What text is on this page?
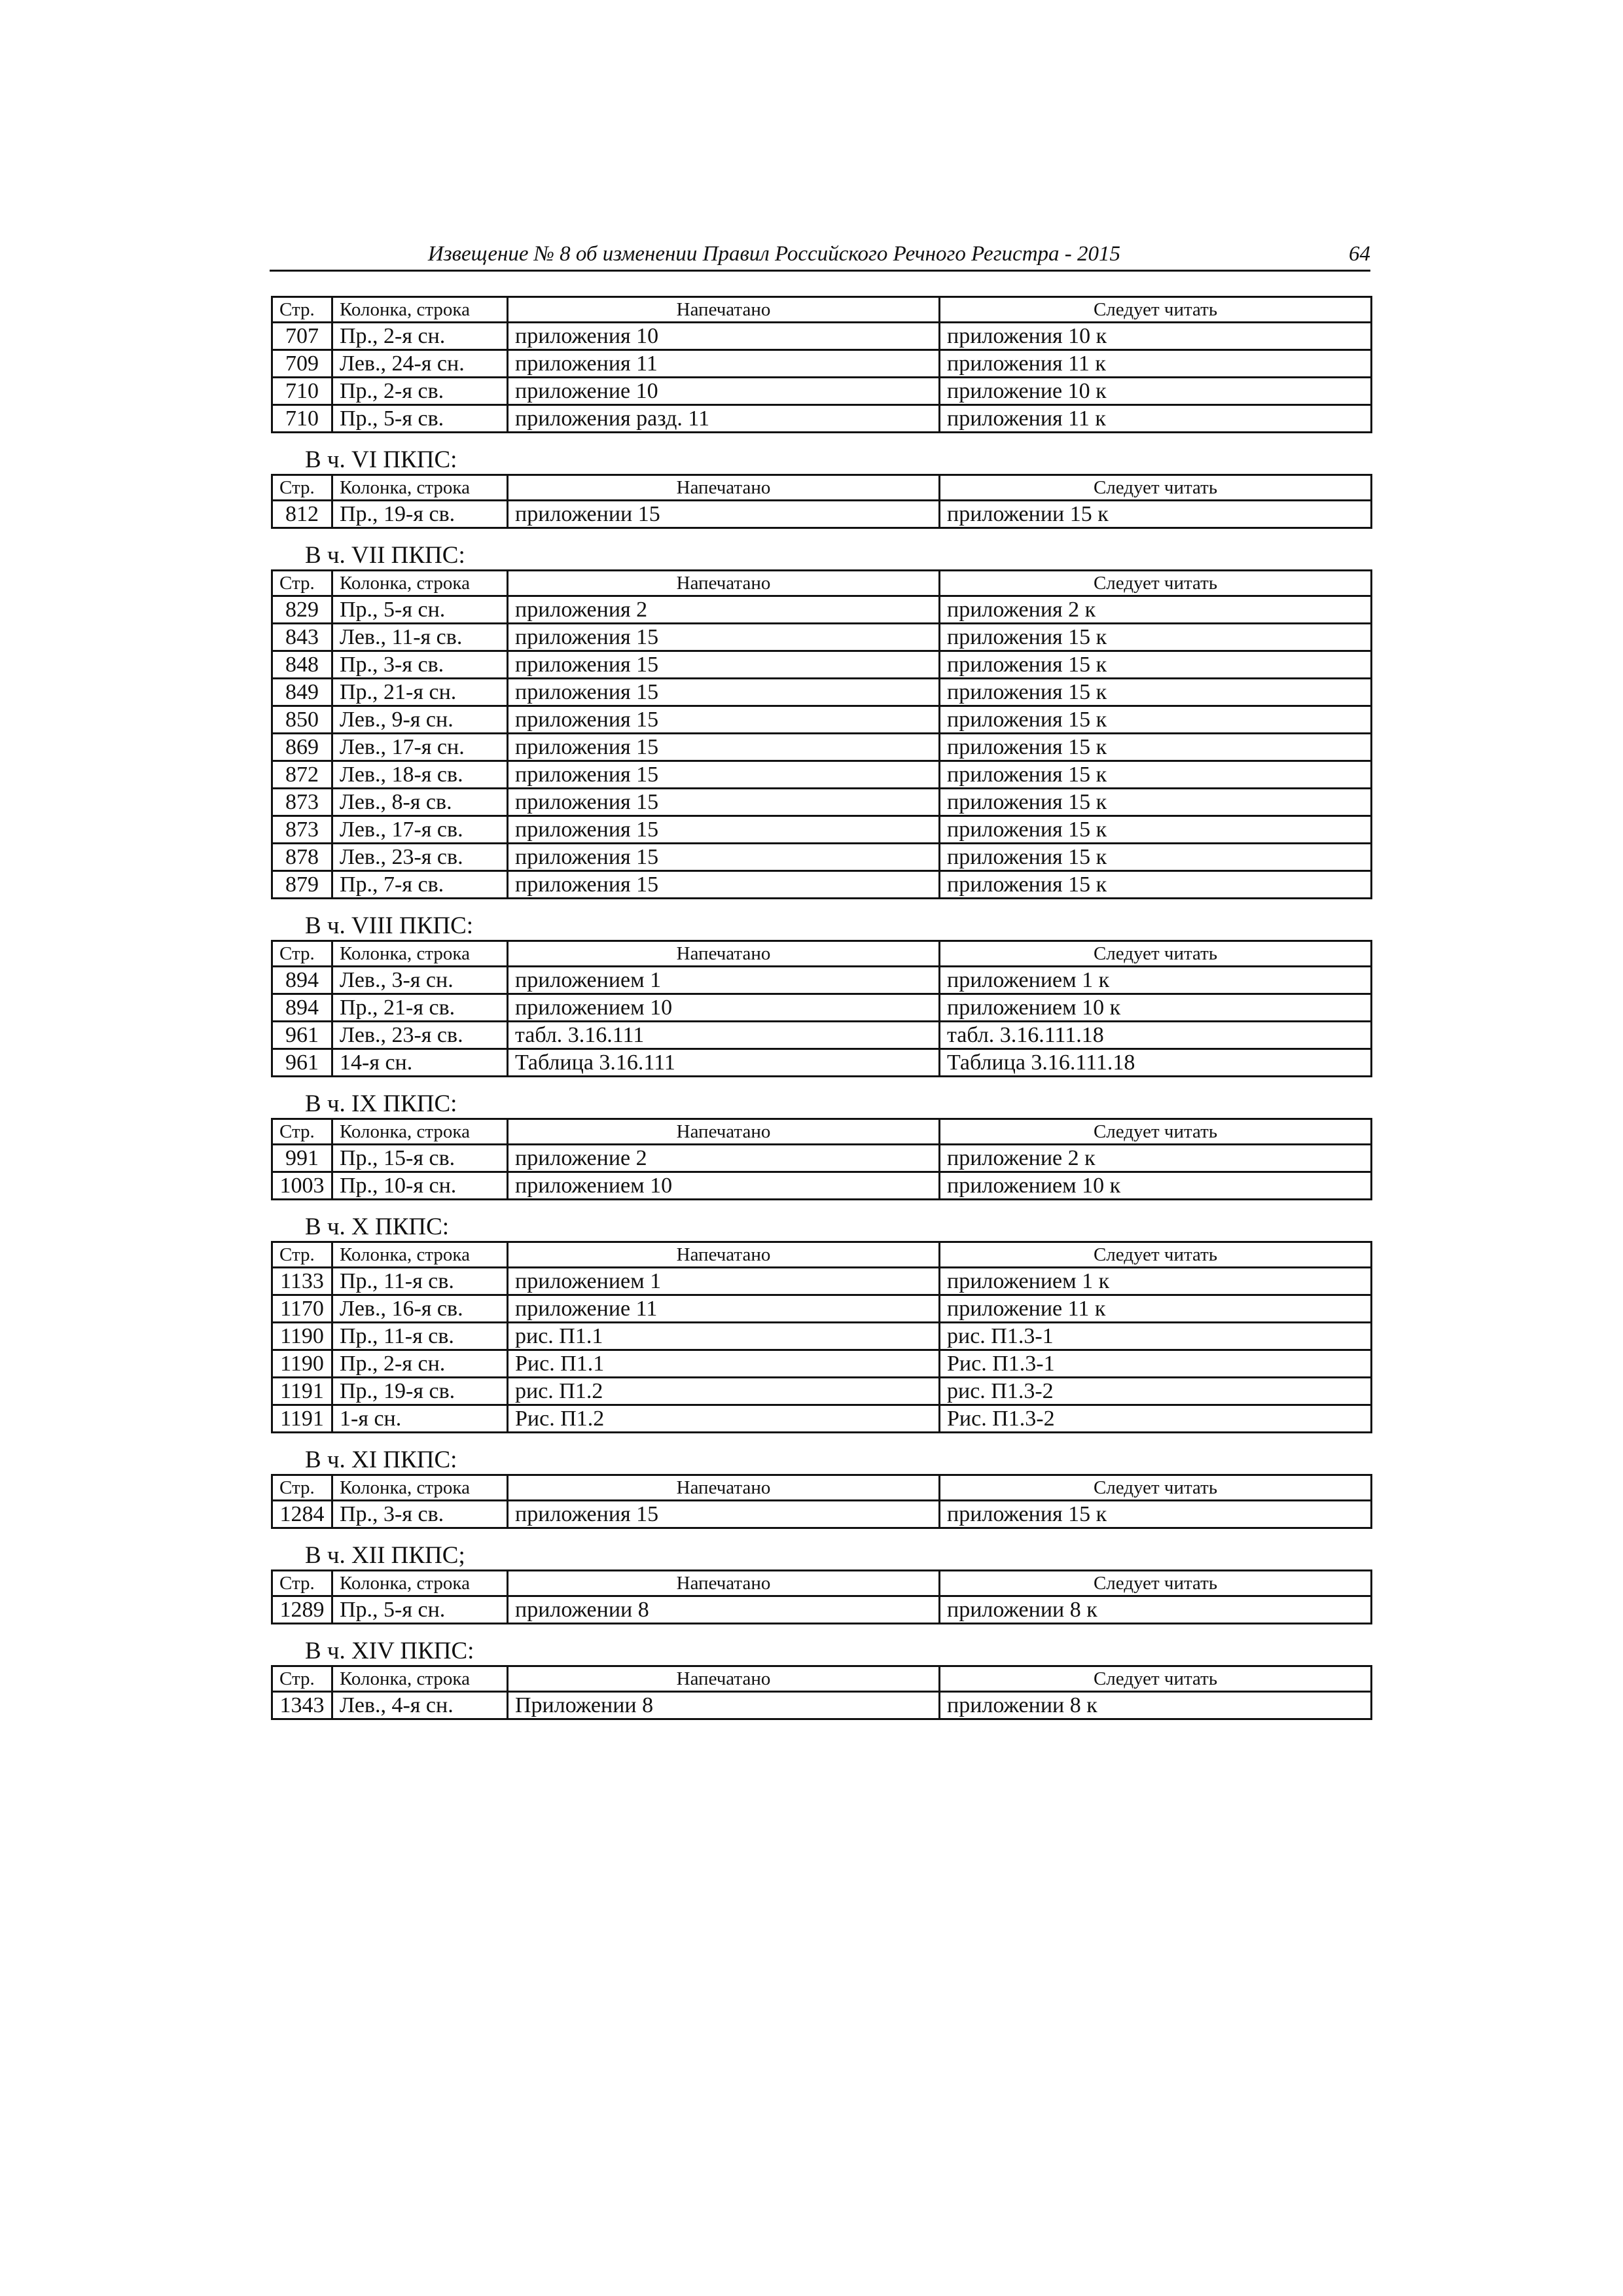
Извещение № 8 об изменении Правил Российского Речного Регистра - 2015	64
Стр.	Колонка, строка	Напечатано	Следует читать
707	Пр., 2-я сн.	приложения 10	приложения 10 к
709	Лев., 24-я сн.	приложения 11	приложения 11 к
710	Пр., 2-я св.	приложение 10	приложение 10 к
710	Пр., 5-я св.	приложения разд. 11	приложения 11 к
В ч. VI ПКПС:
Стр.	Колонка, строка	Напечатано	Следует читать
812	Пр., 19-я св.	приложении 15	приложении 15 к
В ч. VII ПКПС:
Стр.	Колонка, строка	Напечатано	Следует читать
829	Пр., 5-я сн.	приложения 2	приложения 2 к
843	Лев., 11-я св.	приложения 15	приложения 15 к
848	Пр., 3-я св.	приложения 15	приложения 15 к
849	Пр., 21-я сн.	приложения 15	приложения 15 к
850	Лев., 9-я сн.	приложения 15	приложения 15 к
869	Лев., 17-я сн.	приложения 15	приложения 15 к
872	Лев., 18-я св.	приложения 15	приложения 15 к
873	Лев., 8-я св.	приложения 15	приложения 15 к
873	Лев., 17-я св.	приложения 15	приложения 15 к
878	Лев., 23-я св.	приложения 15	приложения 15 к
879	Пр., 7-я св.	приложения 15	приложения 15 к
В ч. VIII ПКПС:
Стр.	Колонка, строка	Напечатано	Следует читать
894	Лев., 3-я сн.	приложением 1	приложением 1 к
894	Пр., 21-я св.	приложением 10	приложением 10 к
961	Лев., 23-я св.	табл. 3.16.111	табл. 3.16.111.18
961	14-я сн.	Таблица 3.16.111	Таблица 3.16.111.18
В ч. IX ПКПС:
Стр.	Колонка, строка	Напечатано	Следует читать
991	Пр., 15-я св.	приложение 2	приложение 2 к
1003	Пр., 10-я сн.	приложением 10	приложением 10 к
В ч. X ПКПС:
Стр.	Колонка, строка	Напечатано	Следует читать
1133	Пр., 11-я св.	приложением 1	приложением 1 к
1170	Лев., 16-я св.	приложение 11	приложение 11 к
1190	Пр., 11-я св.	рис. П1.1	рис. П1.3-1
1190	Пр., 2-я сн.	Рис. П1.1	Рис. П1.3-1
1191	Пр., 19-я св.	рис. П1.2	рис. П1.3-2
1191	1-я сн.	Рис. П1.2	Рис. П1.3-2
В ч. XI ПКПС:
Стр.	Колонка, строка	Напечатано	Следует читать
1284	Пр., 3-я св.	приложения 15	приложения 15 к
В ч. XII ПКПС;
Стр.	Колонка, строка	Напечатано	Следует читать
1289	Пр., 5-я сн.	приложении 8	приложении 8 к
В ч. XIV ПКПС:
Стр.	Колонка, строка	Напечатано	Следует читать
1343	Лев., 4-я сн.	Приложении 8	приложении 8 к
